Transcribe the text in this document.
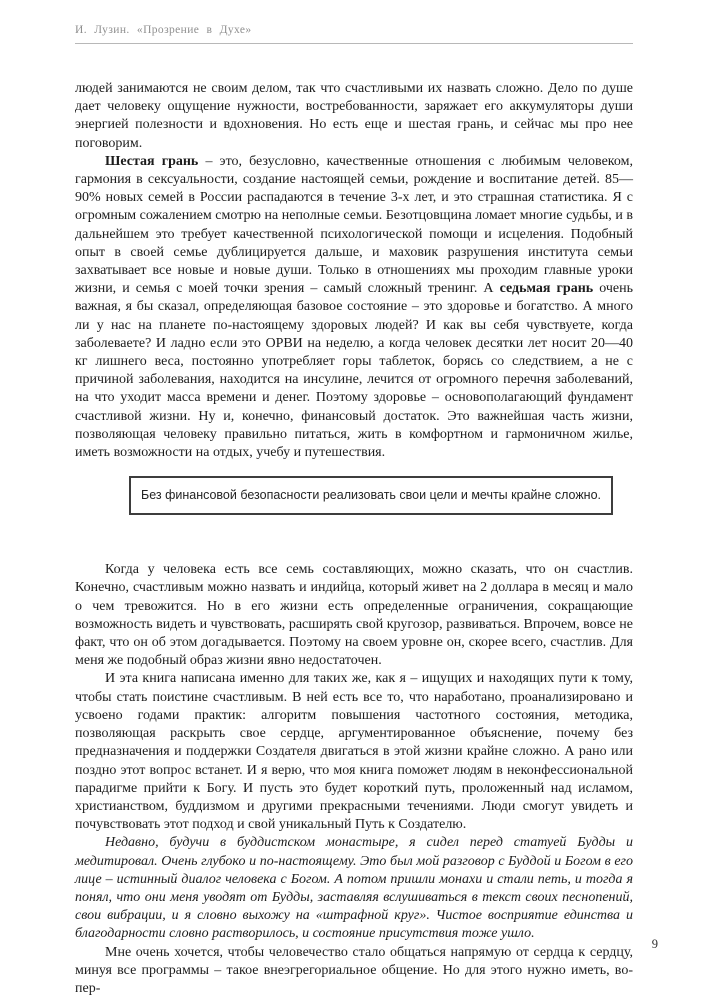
И. Лузин. «Прозрение в Духе»

людей занимаются не своим делом, так что счастливыми их назвать сложно. Дело по душе дает человеку ощущение нужности, востребованности, заряжает его аккумуляторы души энергией полезности и вдохновения. Но есть еще и шестая грань, и сейчас мы про нее поговорим.

Шестая грань – это, безусловно, качественные отношения с любимым человеком, гармония в сексуальности, создание настоящей семьи, рождение и воспитание детей. 85—90% новых семей в России распадаются в течение 3-х лет, и это страшная статистика. Я с огромным сожалением смотрю на неполные семьи. Безотцовщина ломает многие судьбы, и в дальнейшем это требует качественной психологической помощи и исцеления. Подобный опыт в своей семье дублицируется дальше, и маховик разрушения института семьи захватывает все новые и новые души. Только в отношениях мы проходим главные уроки жизни, и семья с моей точки зрения – самый сложный тренинг. А седьмая грань очень важная, я бы сказал, определяющая базовое состояние – это здоровье и богатство. А много ли у нас на планете по-настоящему здоровых людей? И как вы себя чувствуете, когда заболеваете? И ладно если это ОРВИ на неделю, а когда человек десятки лет носит 20—40 кг лишнего веса, постоянно употребляет горы таблеток, борясь со следствием, а не с причиной заболевания, находится на инсулине, лечится от огромного перечня заболеваний, на что уходит масса времени и денег. Поэтому здоровье – основополагающий фундамент счастливой жизни. Ну и, конечно, финансовый достаток. Это важнейшая часть жизни, позволяющая человеку правильно питаться, жить в комфортном и гармоничном жилье, иметь возможности на отдых, учебу и путешествия.

Без финансовой безопасности реализовать свои цели и мечты крайне сложно.

Когда у человека есть все семь составляющих, можно сказать, что он счастлив. Конечно, счастливым можно назвать и индийца, который живет на 2 доллара в месяц и мало о чем тревожится. Но в его жизни есть определенные ограничения, сокращающие возможность видеть и чувствовать, расширять свой кругозор, развиваться. Впрочем, вовсе не факт, что он об этом догадывается. Поэтому на своем уровне он, скорее всего, счастлив. Для меня же подобный образ жизни явно недостаточен.

И эта книга написана именно для таких же, как я – ищущих и находящих пути к тому, чтобы стать поистине счастливым. В ней есть все то, что наработано, проанализировано и усвоено годами практик: алгоритм повышения частотного состояния, методика, позволяющая раскрыть свое сердце, аргументированное объяснение, почему без предназначения и поддержки Создателя двигаться в этой жизни крайне сложно. А рано или поздно этот вопрос встанет. И я верю, что моя книга поможет людям в неконфессиональной парадигме прийти к Богу. И пусть это будет короткий путь, проложенный над исламом, христианством, буддизмом и другими прекрасными течениями. Люди смогут увидеть и почувствовать этот подход и свой уникальный Путь к Создателю.

Недавно, будучи в буддистском монастыре, я сидел перед статуей Будды и медитировал. Очень глубоко и по-настоящему. Это был мой разговор с Буддой и Богом в его лице – истинный диалог человека с Богом. А потом пришли монахи и стали петь, и тогда я понял, что они меня уводят от Будды, заставляя вслушиваться в текст своих песнопений, свои вибрации, и я словно выхожу на «штрафной круг». Чистое восприятие единства и благодарности словно растворилось, и состояние присутствия тоже ушло.

Мне очень хочется, чтобы человечество стало общаться напрямую от сердца к сердцу, минуя все программы – такое внеэгрегориальное общение. Но для этого нужно иметь, во-пер-

9
